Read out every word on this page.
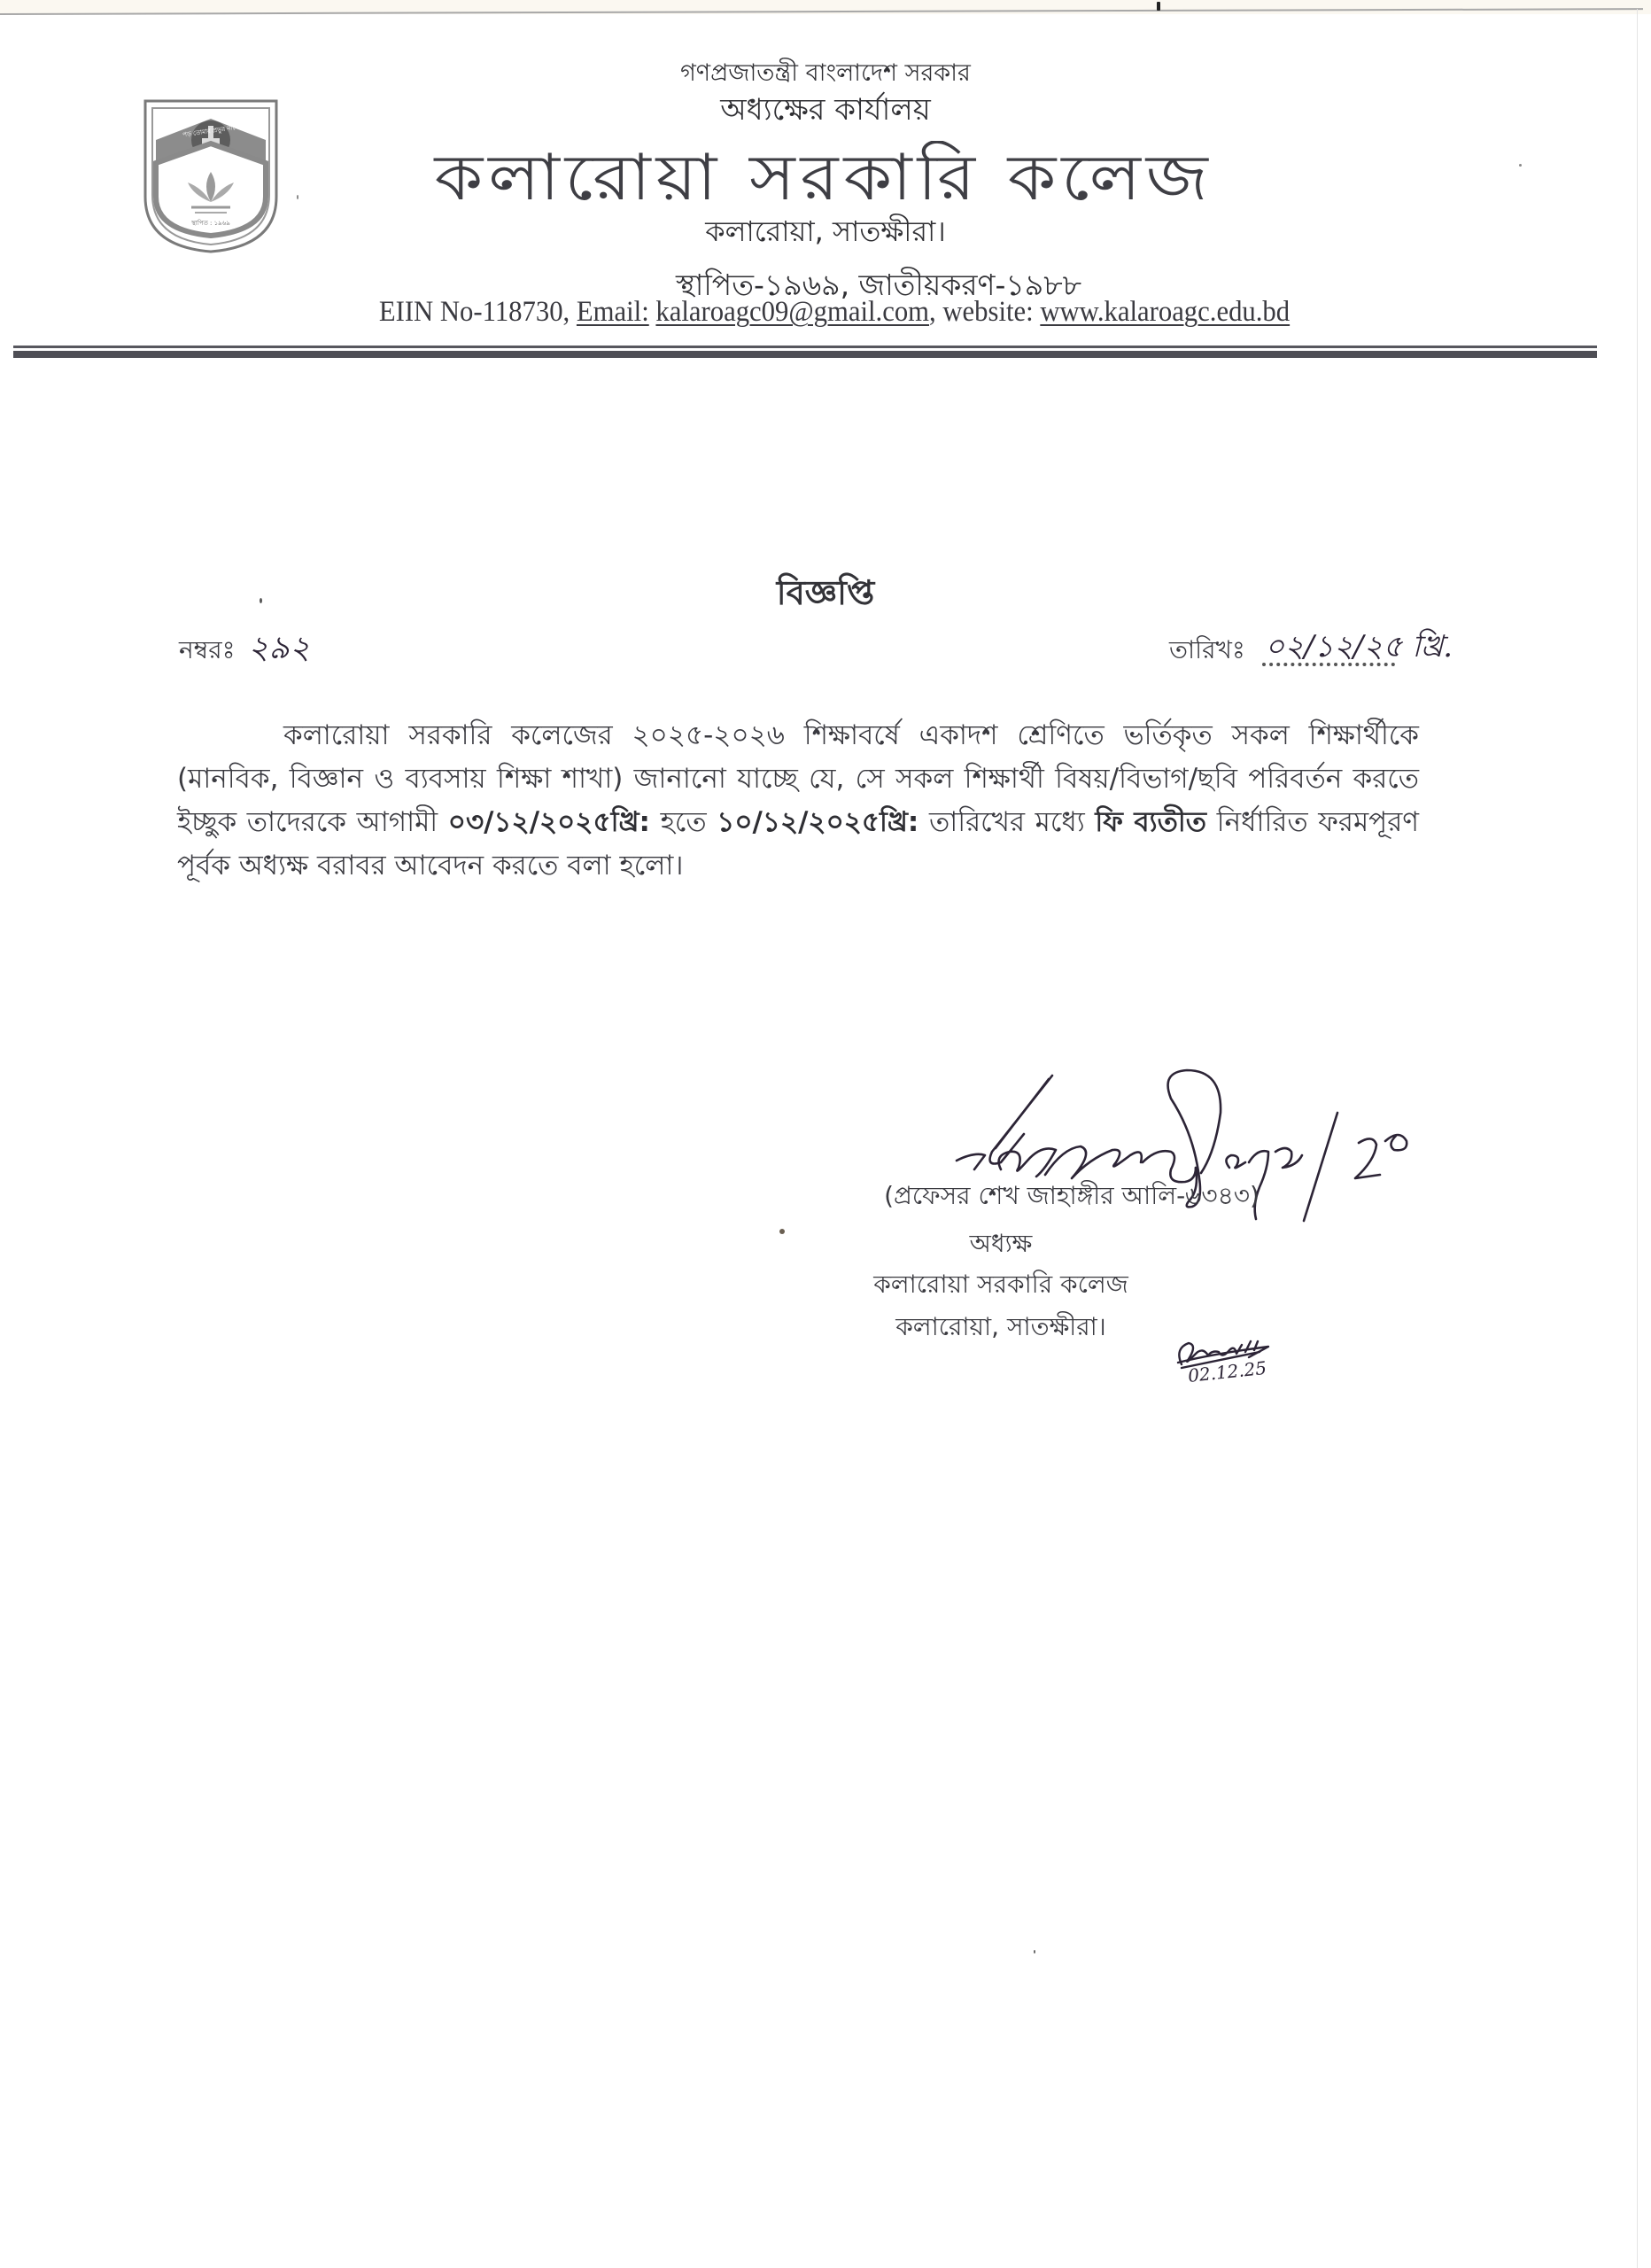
স্থাপিত : ১৯৬৯
পড় তোমার প্রভুর নামে
গণপ্রজাতন্ত্রী বাংলাদেশ সরকার
অধ্যক্ষের কার্যালয়
কলারোয়া সরকারি কলেজ
কলারোয়া, সাতক্ষীরা।
স্থাপিত-১৯৬৯, জাতীয়করণ-১৯৮৮
EIIN No-118730, Email: kalaroagc09@gmail.com, website: www.kalaroagc.edu.bd
বিজ্ঞপ্তি
নম্বরঃ ২৯২	তারিখঃ ০২/১২/২৫ খ্রি.
কলারোয়া সরকারি কলেজের ২০২৫-২০২৬ শিক্ষাবর্ষে একাদশ শ্রেণিতে ভর্তিকৃত সকল শিক্ষার্থীকে (মানবিক, বিজ্ঞান ও ব্যবসায় শিক্ষা শাখা) জানানো যাচ্ছে যে, সে সকল শিক্ষার্থী বিষয়/বিভাগ/ছবি পরিবর্তন করতে ইচ্ছুক তাদেরকে আগামী ০৩/১২/২০২৫খ্রি: হতে ১০/১২/২০২৫খ্রি: তারিখের মধ্যে ফি ব্যতীত নির্ধারিত ফরমপূরণ পূর্বক অধ্যক্ষ বরাবর আবেদন করতে বলা হলো।
(প্রফেসর শেখ জাহাঙ্গীর আলি-৬৩৪৩)
অধ্যক্ষ
কলারোয়া সরকারি কলেজ
কলারোয়া, সাতক্ষীরা।
02.12.25
